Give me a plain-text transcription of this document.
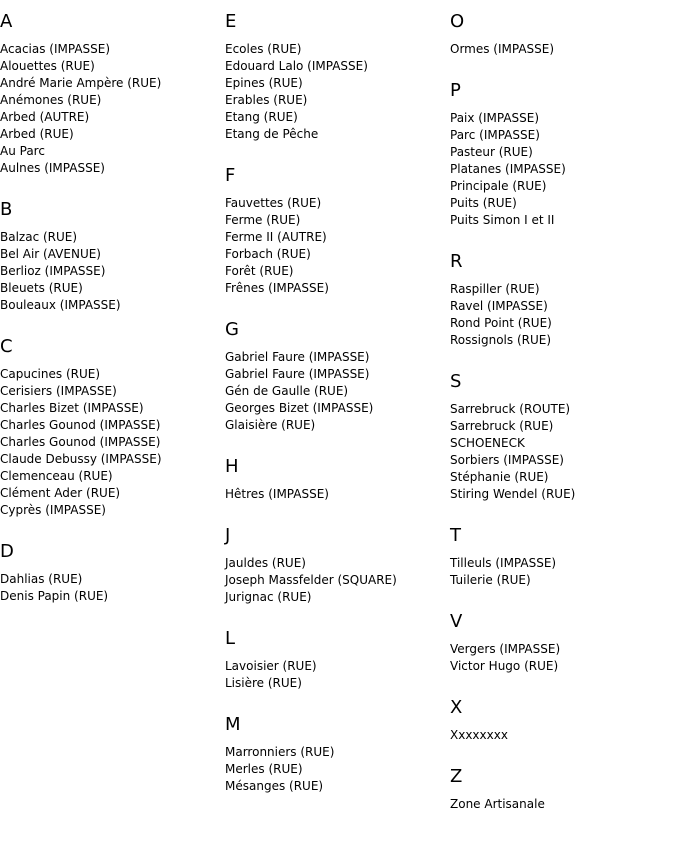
A
Acacias (IMPASSE)
Alouettes (RUE)
André Marie Ampère (RUE)
Anémones (RUE)
Arbed (AUTRE)
Arbed (RUE)
Au Parc
Aulnes (IMPASSE)
B
Balzac (RUE)
Bel Air (AVENUE)
Berlioz (IMPASSE)
Bleuets (RUE)
Bouleaux (IMPASSE)
C
Capucines (RUE)
Cerisiers (IMPASSE)
Charles Bizet (IMPASSE)
Charles Gounod (IMPASSE)
Charles Gounod (IMPASSE)
Claude Debussy (IMPASSE)
Clemenceau (RUE)
Clément Ader (RUE)
Cyprès (IMPASSE)
D
Dahlias (RUE)
Denis Papin (RUE)
E
Ecoles (RUE)
Edouard Lalo (IMPASSE)
Epines (RUE)
Erables (RUE)
Etang (RUE)
Etang de Pêche
F
Fauvettes (RUE)
Ferme (RUE)
Ferme II (AUTRE)
Forbach (RUE)
Forêt (RUE)
Frênes (IMPASSE)
G
Gabriel Faure (IMPASSE)
Gabriel Faure (IMPASSE)
Gén de Gaulle (RUE)
Georges Bizet (IMPASSE)
Glaisière (RUE)
H
Hêtres (IMPASSE)
J
Jauldes (RUE)
Joseph Massfelder (SQUARE)
Jurignac (RUE)
L
Lavoisier (RUE)
Lisière (RUE)
M
Marronniers (RUE)
Merles (RUE)
Mésanges (RUE)
O
Ormes (IMPASSE)
P
Paix (IMPASSE)
Parc (IMPASSE)
Pasteur (RUE)
Platanes (IMPASSE)
Principale (RUE)
Puits (RUE)
Puits Simon I et II
R
Raspiller (RUE)
Ravel (IMPASSE)
Rond Point (RUE)
Rossignols (RUE)
S
Sarrebruck (ROUTE)
Sarrebruck (RUE)
SCHOENECK
Sorbiers (IMPASSE)
Stéphanie (RUE)
Stiring Wendel (RUE)
T
Tilleuls (IMPASSE)
Tuilerie (RUE)
V
Vergers (IMPASSE)
Victor Hugo (RUE)
X
Xxxxxxxx
Z
Zone Artisanale
